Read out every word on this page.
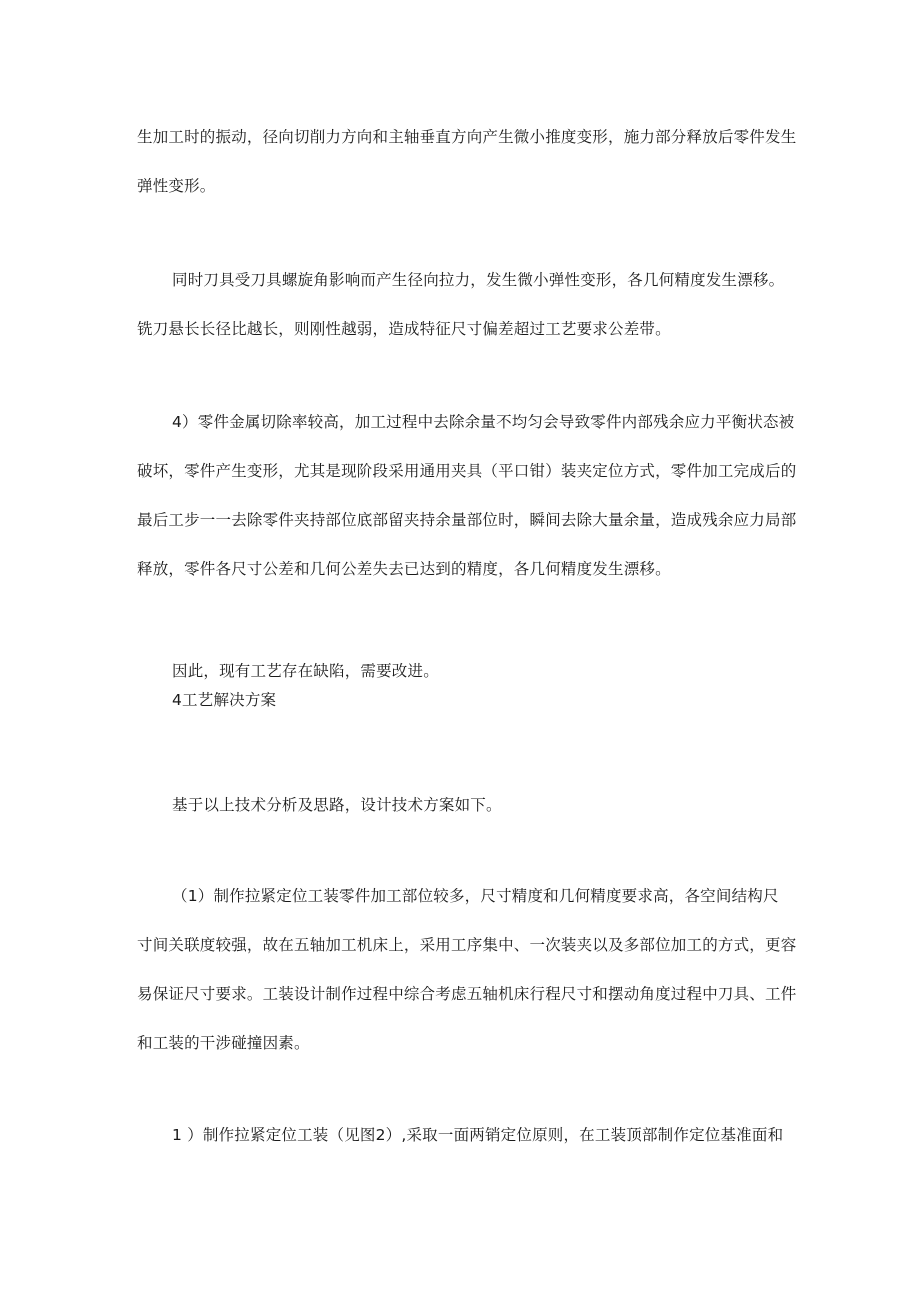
生加工时的振动，径向切削力方向和主轴垂直方向产生微小推度变形，施力部分释放后零件发生
弹性变形。
同时刀具受刀具螺旋角影响而产生径向拉力，发生微小弹性变形，各几何精度发生漂移。
铣刀悬长长径比越长，则刚性越弱，造成特征尺寸偏差超过工艺要求公差带。
4）零件金属切除率较高，加工过程中去除余量不均匀会导致零件内部残余应力平衡状态被
破坏，零件产生变形，尤其是现阶段采用通用夹具（平口钳）装夹定位方式，零件加工完成后的
最后工步一一去除零件夹持部位底部留夹持余量部位时，瞬间去除大量余量，造成残余应力局部
释放，零件各尺寸公差和几何公差失去已达到的精度，各几何精度发生漂移。
因此，现有工艺存在缺陷，需要改进。
4工艺解决方案
基于以上技术分析及思路，设计技术方案如下。
（1）制作拉紧定位工装零件加工部位较多，尺寸精度和几何精度要求高，各空间结构尺
寸间关联度较强，故在五轴加工机床上，采用工序集中、一次装夹以及多部位加工的方式，更容
易保证尺寸要求。工装设计制作过程中综合考虑五轴机床行程尺寸和摆动角度过程中刀具、工件
和工装的干涉碰撞因素。
1 ）制作拉紧定位工装（见图2）,采取一面两销定位原则，在工装顶部制作定位基准面和
